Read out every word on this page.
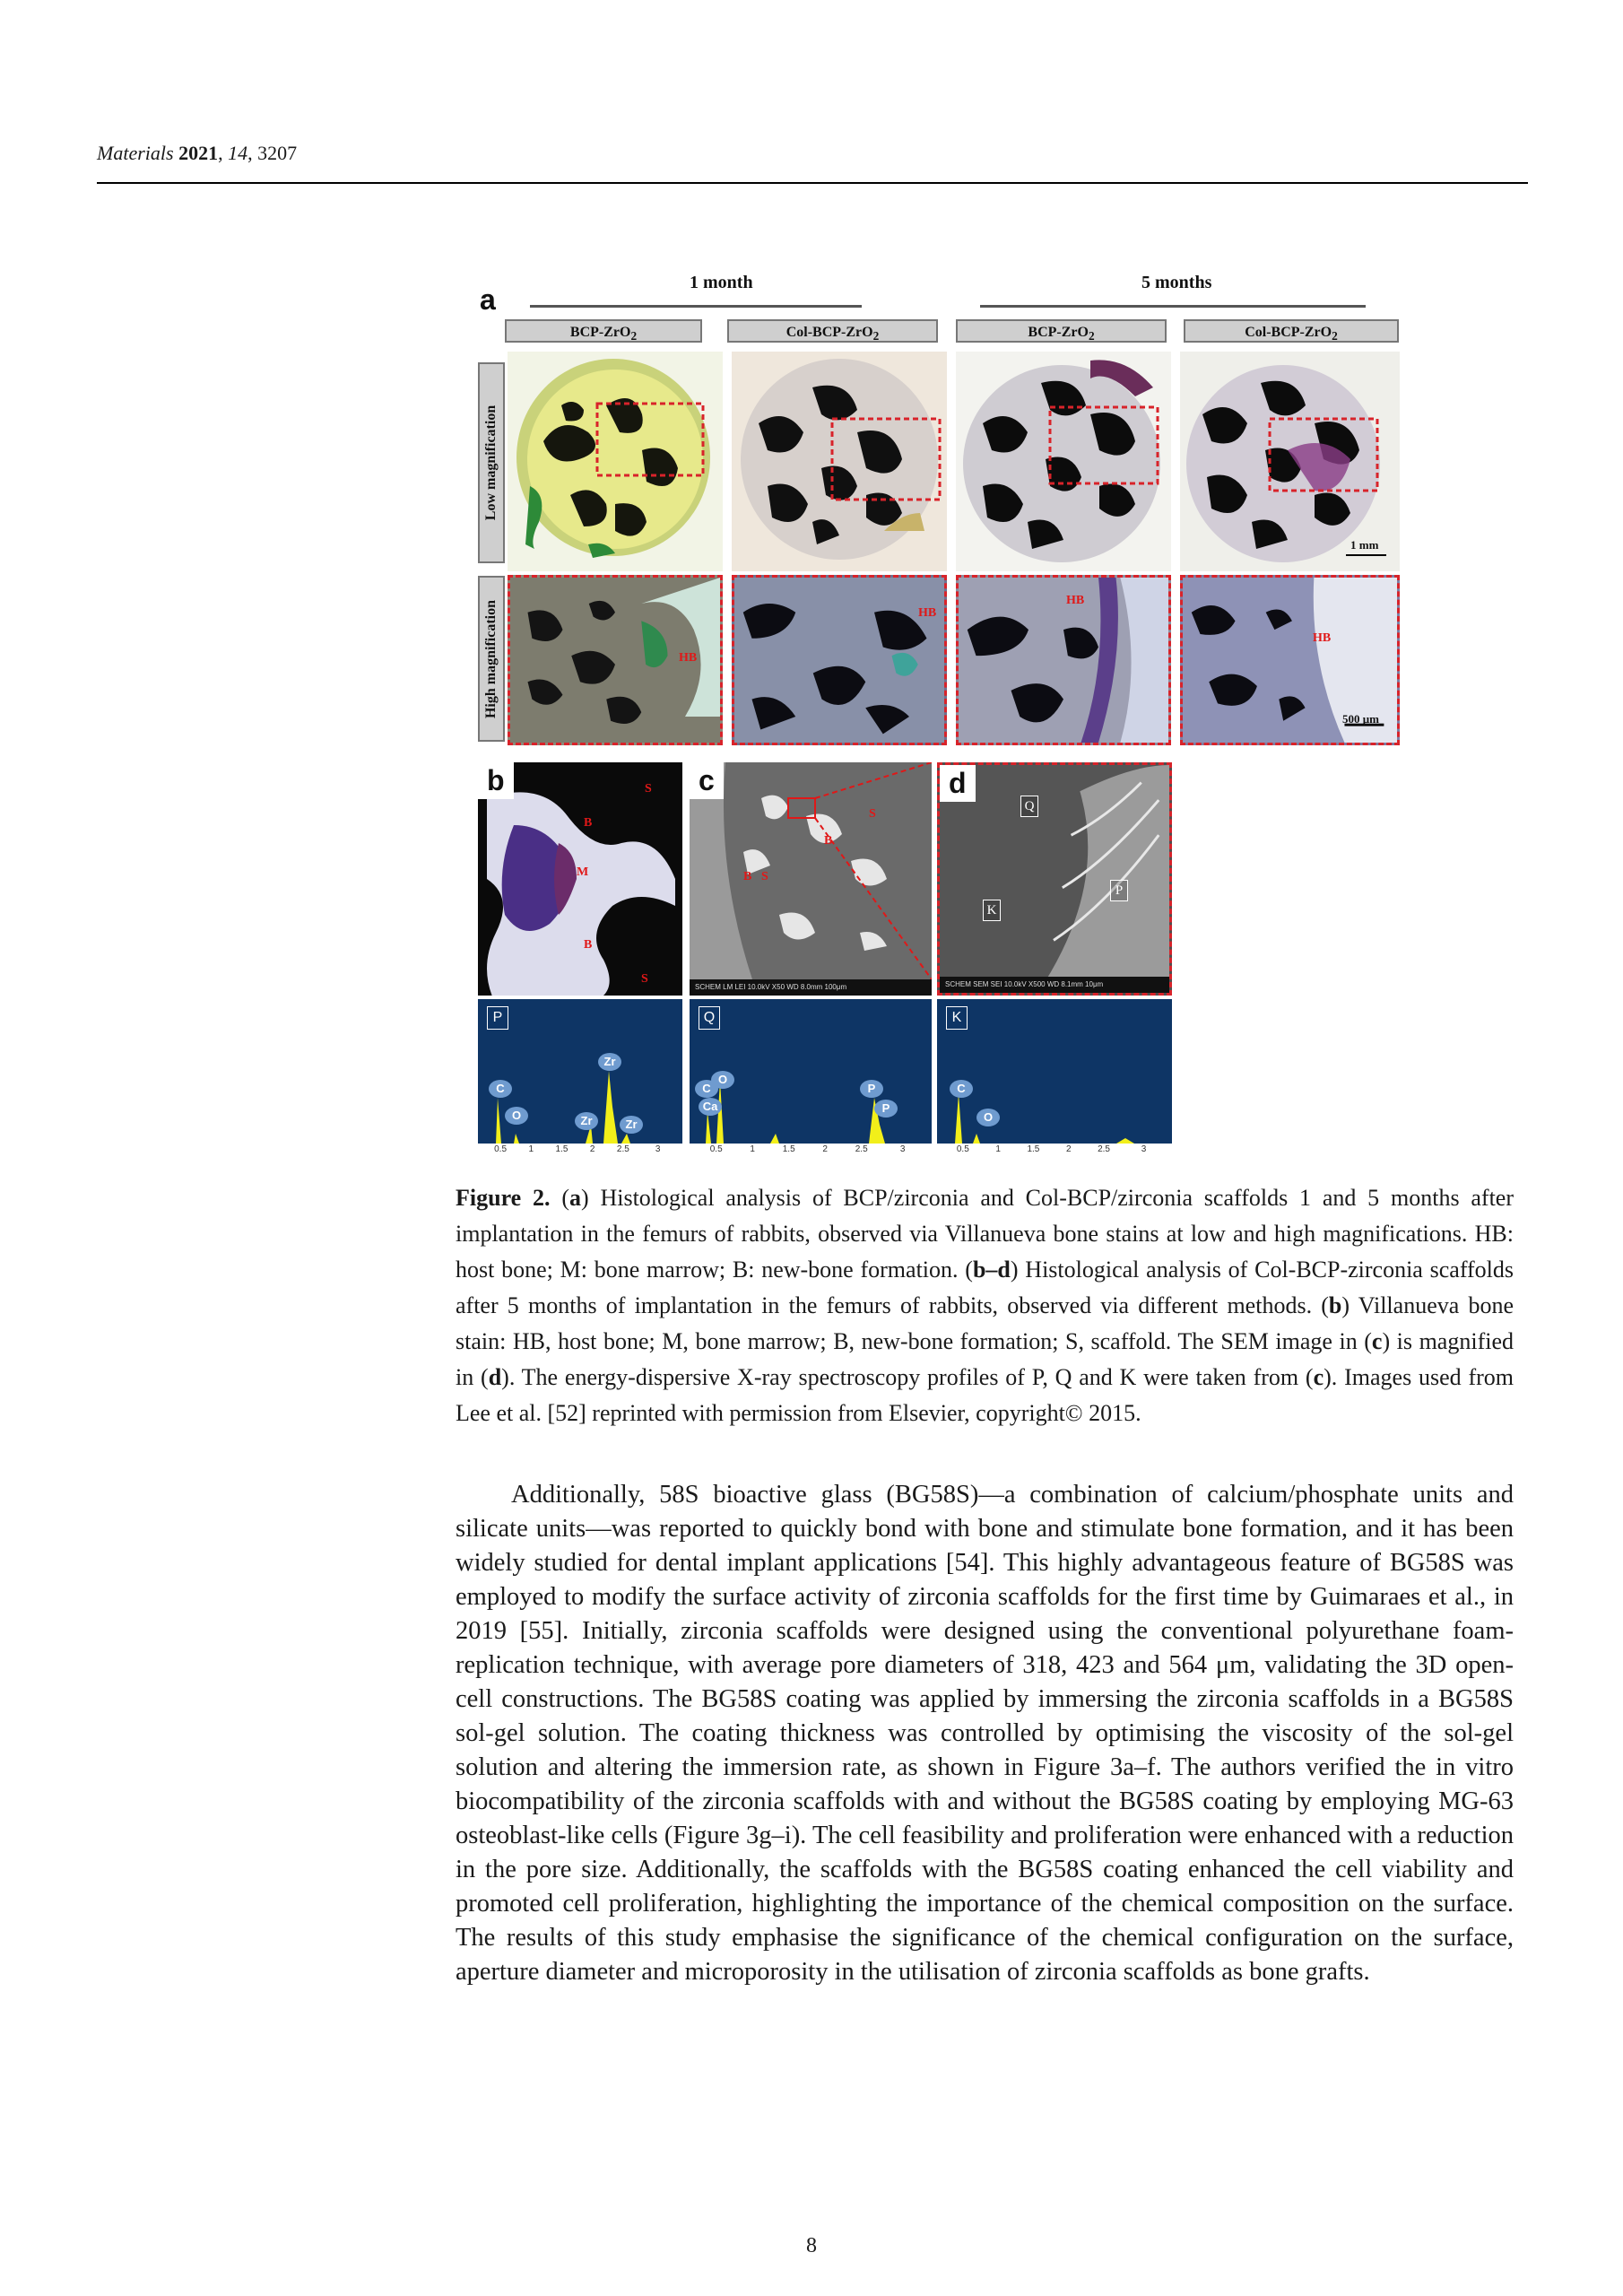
Materials 2021, 14, 3207
1 month	5 months
a
BCP-ZrO$_2$	Col-BCP-ZrO$_2$	BCP-ZrO$_2$	Col-BCP-ZrO$_2$
Low magnification
High magnification
1 mm
HB
HB
HB
HB
500 μm
b
B
S
M
B
S
c
B
S
B S
SCHEM LM LEI 10.0kV X50 WD 8.0mm 100μm
d
Q
P
K
SCHEM SEM SEI 10.0kV X500 WD 8.1mm 10μm
P
C
O
Zr
Zr	Zr
0.5 1 1.5 2 2.5	3
Q
C
O
Ca
P
P
0.5	1	1.5	2	2.5	3
K
C
O
0.5	1	1.5	2	2.5	3
Figure 2. (a) Histological analysis of BCP/zirconia and Col-BCP/zirconia scaffolds 1 and 5 months after implantation in the femurs of rabbits, observed via Villanueva bone stains at low and high magnifications. HB: host bone; M: bone marrow; B: new-bone formation. (b–d) Histological analysis of Col-BCP-zirconia scaffolds after 5 months of implantation in the femurs of rabbits, observed via different methods. (b) Villanueva bone stain: HB, host bone; M, bone marrow; B, new-bone formation; S, scaffold. The SEM image in (c) is magnified in (d). The energy-dispersive X-ray spectroscopy profiles of P, Q and K were taken from (c). Images used from Lee et al. [52] reprinted with permission from Elsevier, copyright© 2015.

Additionally, 58S bioactive glass (BG58S)—a combination of calcium/phosphate units and silicate units—was reported to quickly bond with bone and stimulate bone formation, and it has been widely studied for dental implant applications [54]. This highly advantageous feature of BG58S was employed to modify the surface activity of zirconia scaffolds for the first time by Guimaraes et al., in 2019 [55]. Initially, zirconia scaffolds were designed using the conventional polyurethane foam-replication technique, with average pore diameters of 318, 423 and 564 μm, validating the 3D open-cell constructions. The BG58S coating was applied by immersing the zirconia scaffolds in a BG58S sol-gel solution. The coating thickness was controlled by optimising the viscosity of the sol-gel solution and altering the immersion rate, as shown in Figure 3a–f. The authors verified the in vitro biocompatibility of the zirconia scaffolds with and without the BG58S coating by employing MG-63 osteoblast-like cells (Figure 3g–i). The cell feasibility and proliferation were enhanced with a reduction in the pore size. Additionally, the scaffolds with the BG58S coating enhanced the cell viability and promoted cell proliferation, highlighting the importance of the chemical composition on the surface. The results of this study emphasise the significance of the chemical configuration on the surface, aperture diameter and microporosity in the utilisation of zirconia scaffolds as bone grafts.

8
